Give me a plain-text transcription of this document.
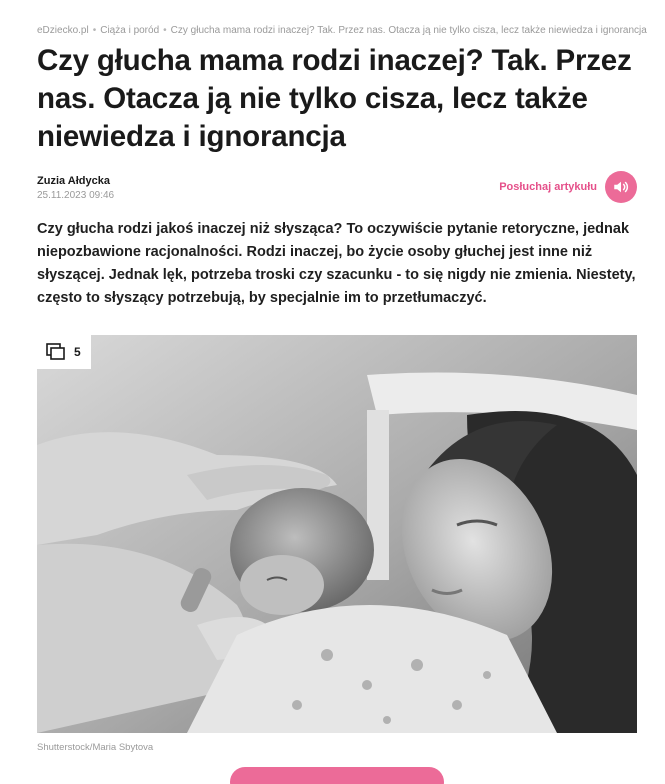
eDziecko.pl • Ciąża i poród • Czy głucha mama rodzi inaczej? Tak. Przez nas. Otacza ją nie tylko cisza, lecz także niewiedza i ignorancja
Czy głucha mama rodzi inaczej? Tak. Przez nas. Otacza ją nie tylko cisza, lecz także niewiedza i ignorancja
Zuzia Ałdycka
25.11.2023 09:46
Posłuchaj artykułu

Czy głucha rodzi jakoś inaczej niż słysząca? To oczywiście pytanie retoryczne, jednak niepozbawione racjonalności. Rodzi inaczej, bo życie osoby głuchej jest inne niż słyszącej. Jednak lęk, potrzeba troski czy szacunku - to się nigdy nie zmienia. Niestety, często to słyszący potrzebują, by specjalnie im to przetłumaczyć.

5
Shutterstock/Maria Sbytova
